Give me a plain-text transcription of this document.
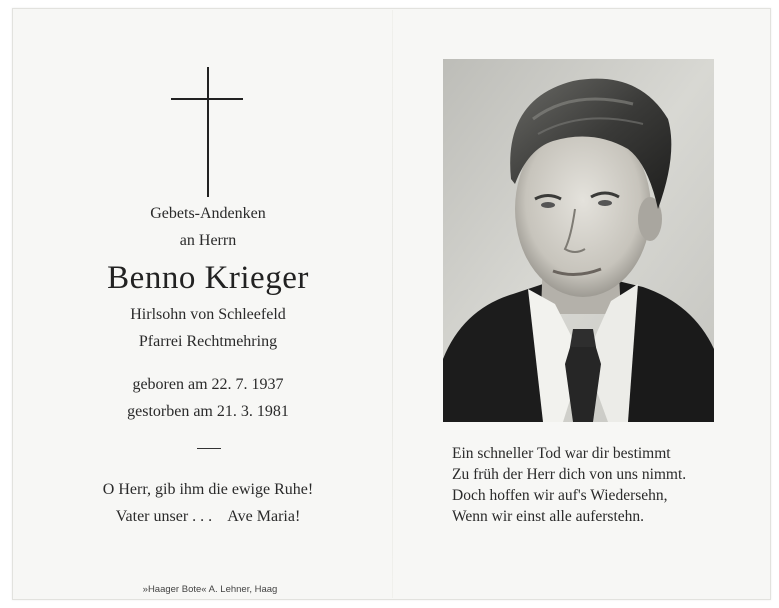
Gebets-Andenken
an Herrn
Benno Krieger
Hirlsohn von Schleefeld
Pfarrei Rechtmehring
geboren am 22. 7. 1937
gestorben am 21. 3. 1981
O Herr, gib ihm die ewige Ruhe!
Vater unser . . .    Ave Maria!
»Haager Bote« A. Lehner, Haag
Ein schneller Tod war dir bestimmt
Zu früh der Herr dich von uns nimmt.
Doch hoffen wir auf's Wiedersehn,
Wenn wir einst alle auferstehn.
